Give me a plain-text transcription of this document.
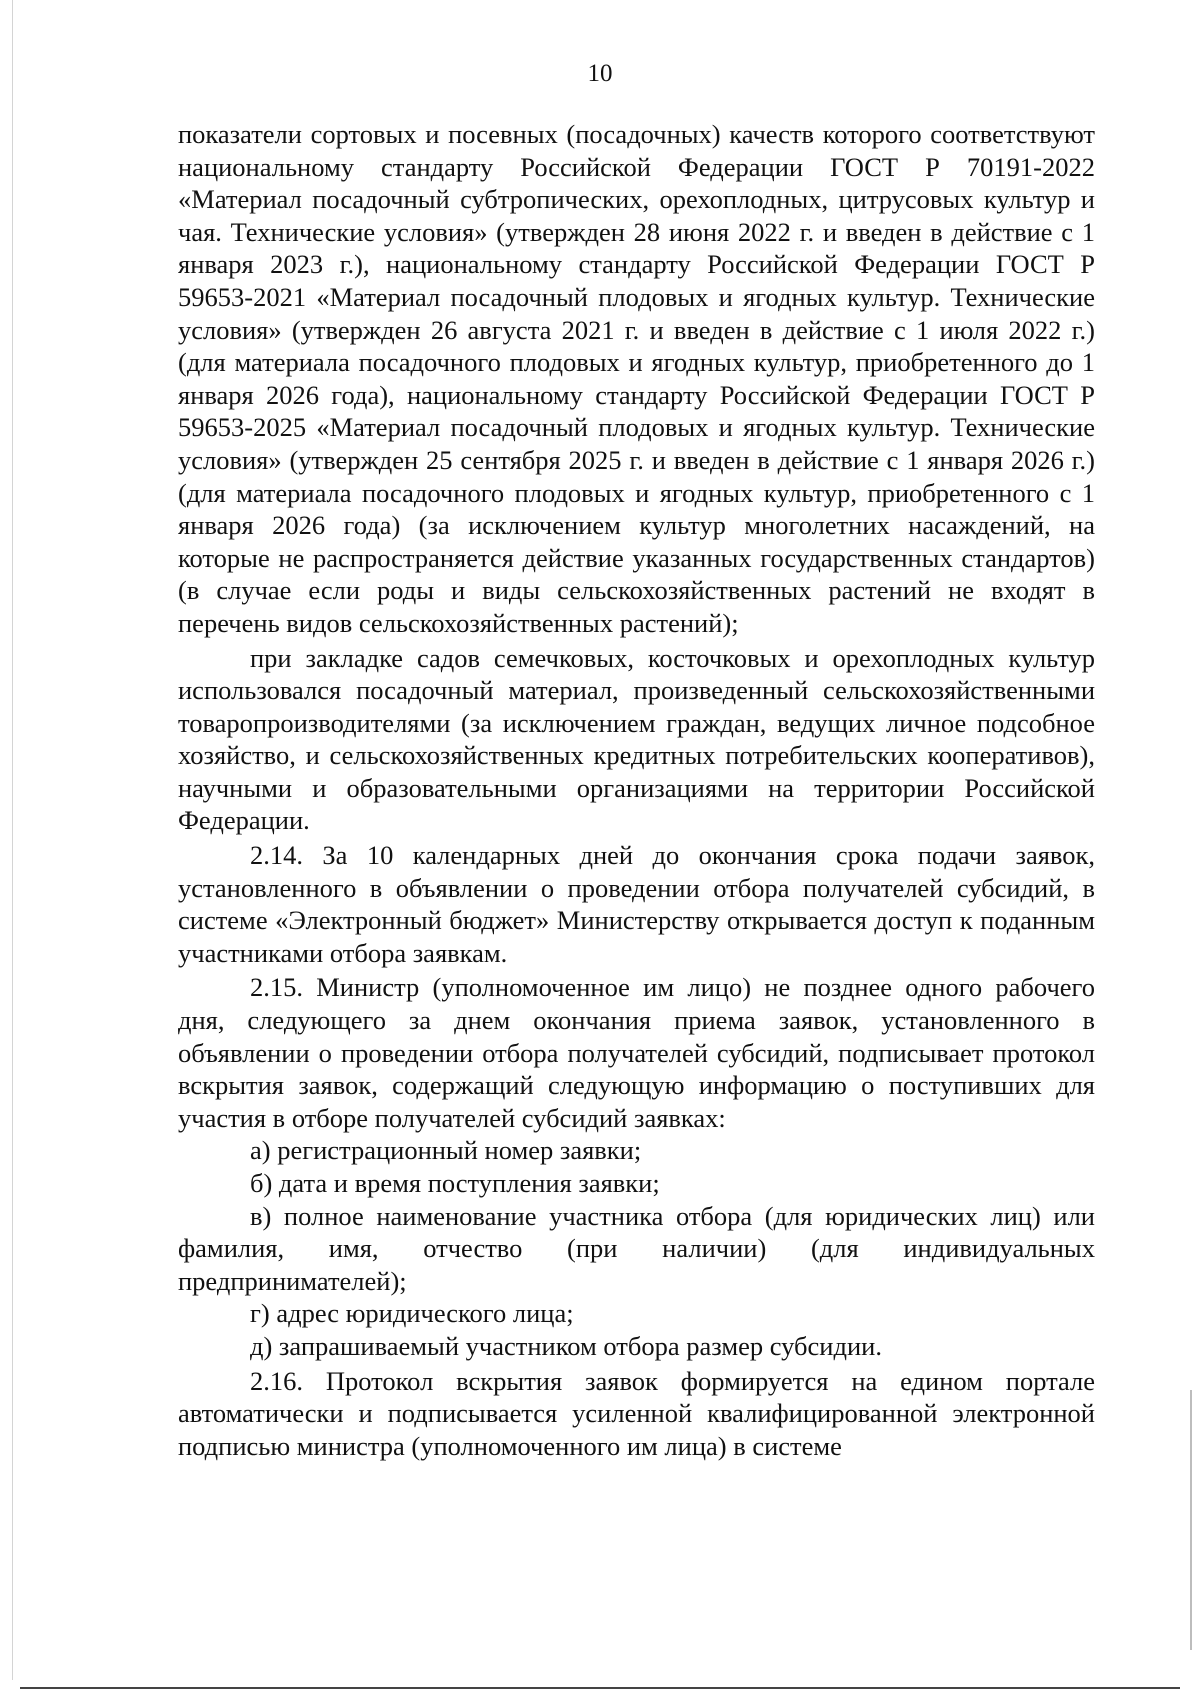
10

показатели сортовых и посевных (посадочных) качеств которого соответствуют национальному стандарту Российской Федерации ГОСТ Р 70191-2022 «Материал посадочный субтропических, орехоплодных, цитрусовых культур и чая. Технические условия» (утвержден 28 июня 2022 г. и введен в действие с 1 января 2023 г.), национальному стандарту Российской Федерации ГОСТ Р 59653-2021 «Материал посадочный плодовых и ягодных культур. Технические условия» (утвержден 26 августа 2021 г. и введен в действие с 1 июля 2022 г.) (для материала посадочного плодовых и ягодных культур, приобретенного до 1 января 2026 года), национальному стандарту Российской Федерации ГОСТ Р 59653-2025 «Материал посадочный плодовых и ягодных культур. Технические условия» (утвержден 25 сентября 2025 г. и введен в действие с 1 января 2026 г.) (для материала посадочного плодовых и ягодных культур, приобретенного с 1 января 2026 года) (за исключением культур многолетних насаждений, на которые не распространяется действие указанных государственных стандартов) (в случае если роды и виды сельскохозяйственных растений не входят в перечень видов сельскохозяйственных растений);

при закладке садов семечковых, косточковых и орехоплодных культур использовался посадочный материал, произведенный сельскохозяйственными товаропроизводителями (за исключением граждан, ведущих личное подсобное хозяйство, и сельскохозяйственных кредитных потребительских кооперативов), научными и образовательными организациями на территории Российской Федерации.

2.14. За 10 календарных дней до окончания срока подачи заявок, установленного в объявлении о проведении отбора получателей субсидий, в системе «Электронный бюджет» Министерству открывается доступ к поданным участниками отбора заявкам.

2.15. Министр (уполномоченное им лицо) не позднее одного рабочего дня, следующего за днем окончания приема заявок, установленного в объявлении о проведении отбора получателей субсидий, подписывает протокол вскрытия заявок, содержащий следующую информацию о поступивших для участия в отборе получателей субсидий заявках:

а) регистрационный номер заявки;

б) дата и время поступления заявки;

в) полное наименование участника отбора (для юридических лиц) или фамилия, имя, отчество (при наличии) (для индивидуальных предпринимателей);

г) адрес юридического лица;

д) запрашиваемый участником отбора размер субсидии.

2.16. Протокол вскрытия заявок формируется на едином портале автоматически и подписывается усиленной квалифицированной электронной подписью министра (уполномоченного им лица) в системе
